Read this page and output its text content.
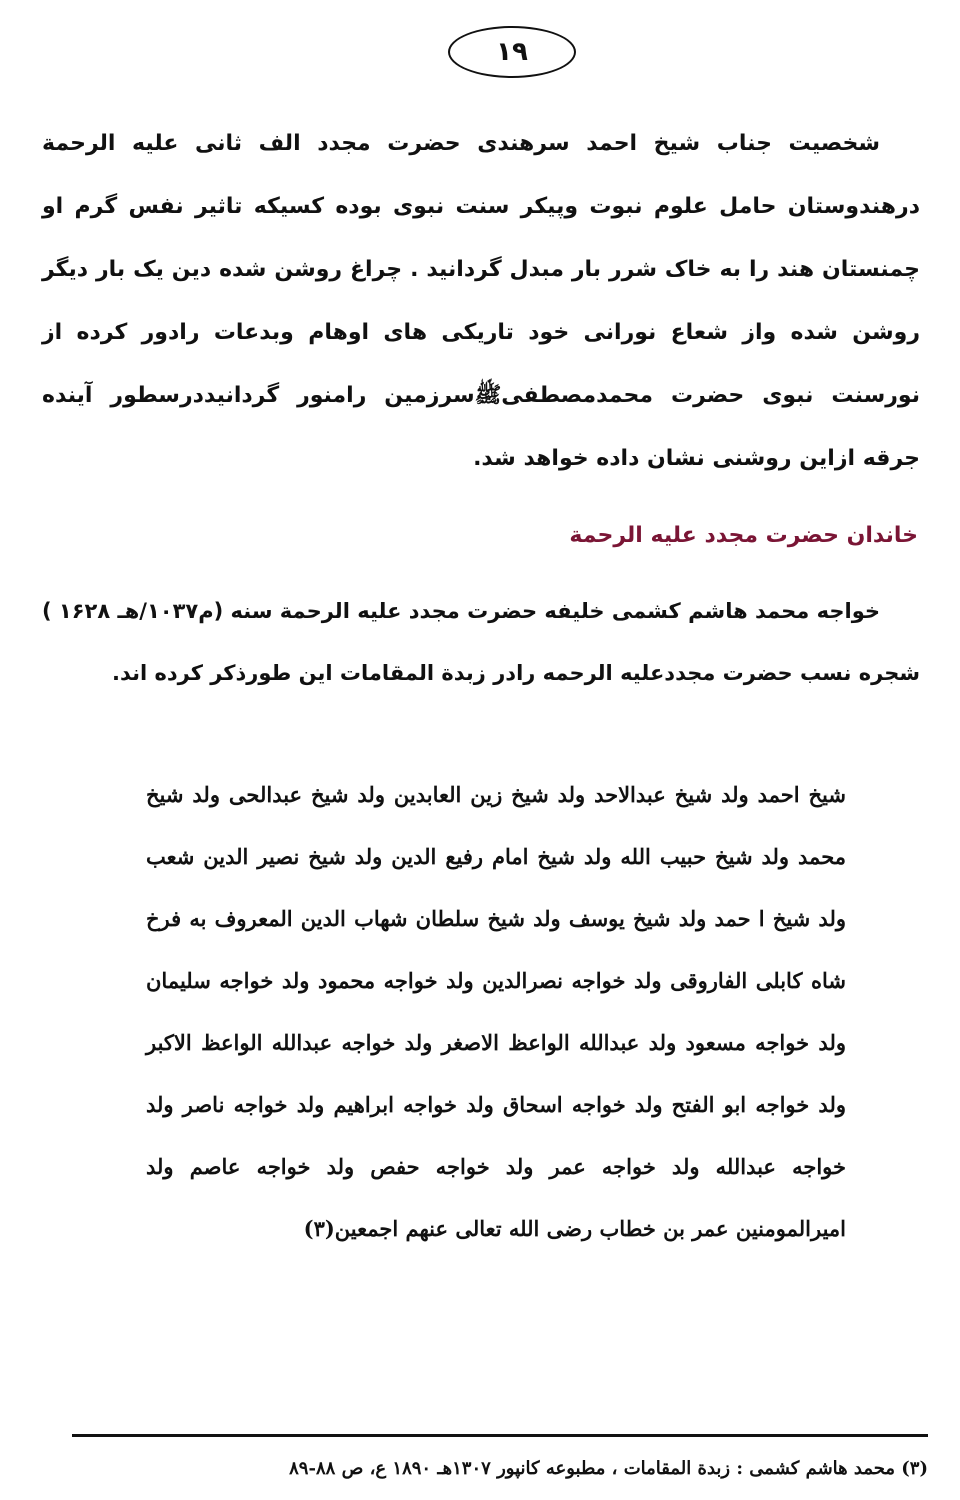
۱۹

شخصیت جناب شیخ احمد سرهندی حضرت مجدد الف ثانی علیه الرحمة درهندوستان حامل علوم نبوت وپیکر سنت نبوی بوده کسیکه تاثیر نفس گرم او چمنستان هند را به خاک شرر بار مبدل گردانید . چراغ روشن شده دین یک بار دیگر روشن شده واز شعاع نورانی خود تاریکی های اوهام وبدعات رادور کرده از نورسنت نبوی حضرت محمدمصطفیﷺسرزمین رامنور گردانیددرسطور آینده جرقه ازاین روشنی نشان داده خواهد شد.

خاندان حضرت مجدد علیه الرحمة

خواجه محمد هاشم کشمی خلیفه حضرت مجدد علیه الرحمة سنه (م۱۰۳۷/هـ ۱۶۲۸ ) شجره نسب حضرت مجددعلیه الرحمه رادر زبدة المقامات این طورذکر کرده اند.

شیخ احمد ولد شیخ عبدالاحد ولد شیخ زین العابدین ولد شیخ عبدالحی ولد شیخ محمد ولد شیخ حبیب الله ولد شیخ امام رفیع الدین ولد شیخ نصیر الدین شعب ولد شیخ ا حمد ولد شیخ یوسف ولد شیخ سلطان شهاب الدین المعروف به فرخ شاه کابلی الفاروقی ولد خواجه نصرالدین ولد خواجه محمود ولد خواجه سلیمان ولد خواجه مسعود ولد عبدالله الواعظ الاصغر ولد خواجه عبدالله الواعظ الاکبر ولد خواجه ابو الفتح ولد خواجه اسحاق ولد خواجه ابراهیم ولد خواجه ناصر ولد خواجه عبدالله ولد خواجه عمر ولد خواجه حفص ولد خواجه عاصم ولد امیرالمومنین عمر بن خطاب رضی الله تعالی عنهم اجمعین(۳)

(۳) محمد هاشم کشمی : زبدة المقامات ، مطبوعه کانپور ۱۳۰۷هـ ۱۸۹۰ ع، ص ۸۸-۸۹
